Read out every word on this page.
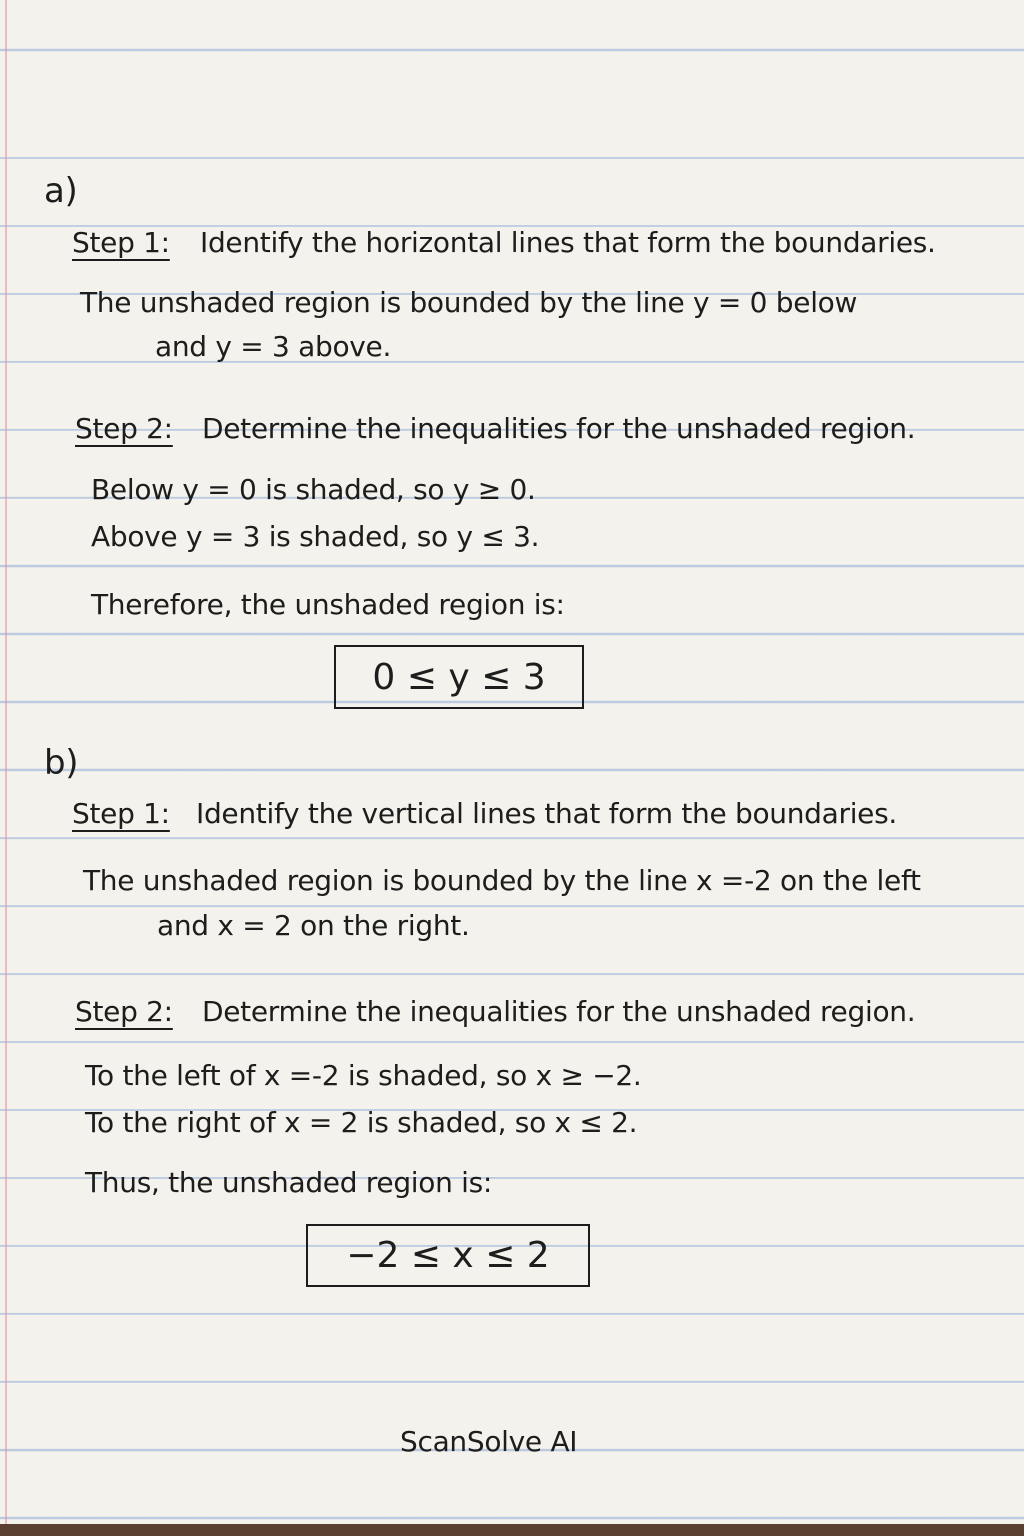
a)
Step 1: Identify the horizontal lines that form the boundaries.
The unshaded region is bounded by the line y = 0 below
and y = 3 above.
Step 2: Determine the inequalities for the unshaded region.
Below y = 0 is shaded, so y ≥ 0.
Above y = 3 is shaded, so y ≤ 3.
Therefore, the unshaded region is:
0 ≤ y ≤ 3
b)
Step 1: Identify the vertical lines that form the boundaries.
The unshaded region is bounded by the line x =-2 on the left
and x = 2 on the right.
Step 2: Determine the inequalities for the unshaded region.
To the left of x =-2 is shaded, so x ≥ −2.
To the right of x = 2 is shaded, so x ≤ 2.
Thus, the unshaded region is:
−2 ≤ x ≤ 2
ScanSolve AI
